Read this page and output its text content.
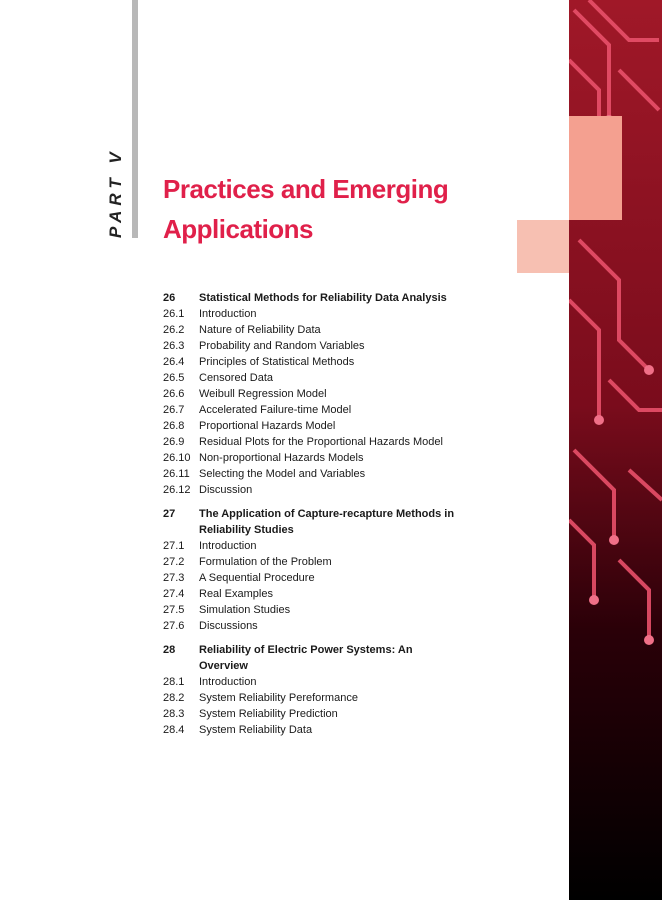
PART V Practices and Emerging Applications
26	Statistical Methods for Reliability Data Analysis
26.1	Introduction
26.2	Nature of Reliability Data
26.3	Probability and Random Variables
26.4	Principles of Statistical Methods
26.5	Censored Data
26.6	Weibull Regression Model
26.7	Accelerated Failure-time Model
26.8	Proportional Hazards Model
26.9	Residual Plots for the Proportional Hazards Model
26.10 Non-proportional Hazards Models
26.11 Selecting the Model and Variables
26.12 Discussion
27	The Application of Capture-recapture Methods in Reliability Studies
27.1	Introduction
27.2	Formulation of the Problem
27.3	A Sequential Procedure
27.4	Real Examples
27.5	Simulation Studies
27.6	Discussions
28	Reliability of Electric Power Systems: An Overview
28.1	Introduction
28.2	System Reliability Pereformance
28.3	System Reliability Prediction
28.4	System Reliability Data
